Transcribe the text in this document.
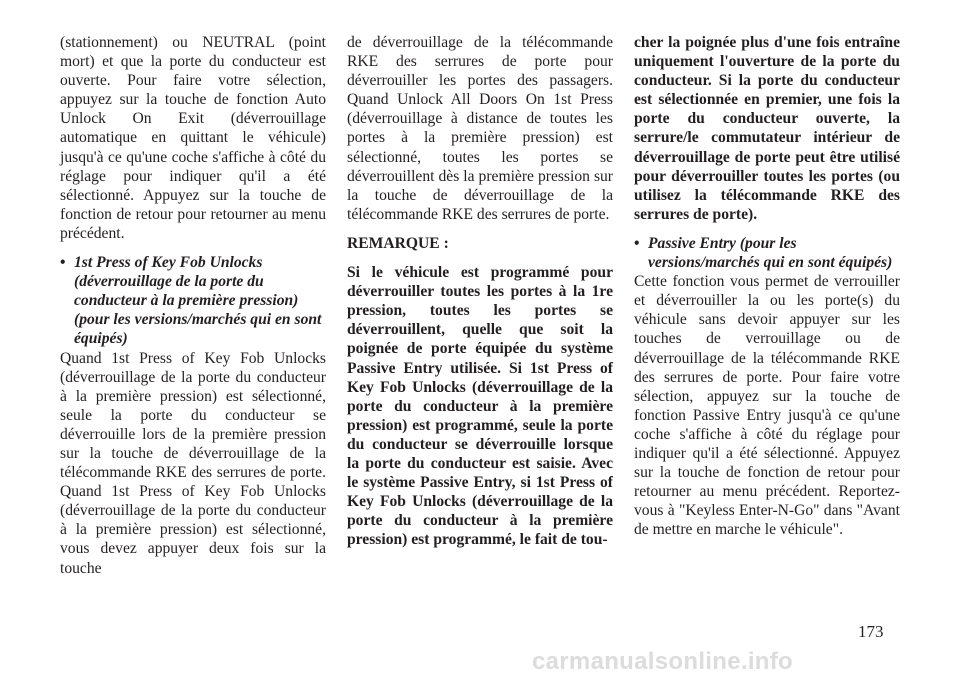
(stationnement) ou NEUTRAL (point mort) et que la porte du conducteur est ouverte. Pour faire votre sélection, appuyez sur la touche de fonction Auto Unlock On Exit (déverrouillage automatique en quittant le véhicule) jusqu'à ce qu'une coche s'affiche à côté du réglage pour indiquer qu'il a été sélectionné. Appuyez sur la touche de fonction de retour pour retourner au menu précédent.

• 1st Press of Key Fob Unlocks (déverrouillage de la porte du conducteur à la première pression) (pour les versions/marchés qui en sont équipés)

Quand 1st Press of Key Fob Unlocks (déverrouillage de la porte du conducteur à la première pression) est sélectionné, seule la porte du conducteur se déverrouille lors de la première pression sur la touche de déverrouillage de la télécommande RKE des serrures de porte. Quand 1st Press of Key Fob Unlocks (déverrouillage de la porte du conducteur à la première pression) est sélectionné, vous devez appuyer deux fois sur la touche

de déverrouillage de la télécommande RKE des serrures de porte pour déverrouiller les portes des passagers. Quand Unlock All Doors On 1st Press (déverrouillage à distance de toutes les portes à la première pression) est sélectionné, toutes les portes se déverrouillent dès la première pression sur la touche de déverrouillage de la télécommande RKE des serrures de porte.

REMARQUE :

Si le véhicule est programmé pour déverrouiller toutes les portes à la 1re pression, toutes les portes se déverrouillent, quelle que soit la poignée de porte équipée du système Passive Entry utilisée. Si 1st Press of Key Fob Unlocks (déverrouillage de la porte du conducteur à la première pression) est programmé, seule la porte du conducteur se déverrouille lorsque la porte du conducteur est saisie. Avec le système Passive Entry, si 1st Press of Key Fob Unlocks (déverrouillage de la porte du conducteur à la première pression) est programmé, le fait de tou-

cher la poignée plus d'une fois entraîne uniquement l'ouverture de la porte du conducteur. Si la porte du conducteur est sélectionnée en premier, une fois la porte du conducteur ouverte, la serrure/le commutateur intérieur de déverrouillage de porte peut être utilisé pour déverrouiller toutes les portes (ou utilisez la télécommande RKE des serrures de porte).

• Passive Entry (pour les versions/marchés qui en sont équipés)

Cette fonction vous permet de verrouiller et déverrouiller la ou les porte(s) du véhicule sans devoir appuyer sur les touches de verrouillage ou de déverrouillage de la télécommande RKE des serrures de porte. Pour faire votre sélection, appuyez sur la touche de fonction Passive Entry jusqu'à ce qu'une coche s'affiche à côté du réglage pour indiquer qu'il a été sélectionné. Appuyez sur la touche de fonction de retour pour retourner au menu précédent. Reportez-vous à "Keyless Enter-N-Go" dans "Avant de mettre en marche le véhicule".

173
carmanualsonline.info
